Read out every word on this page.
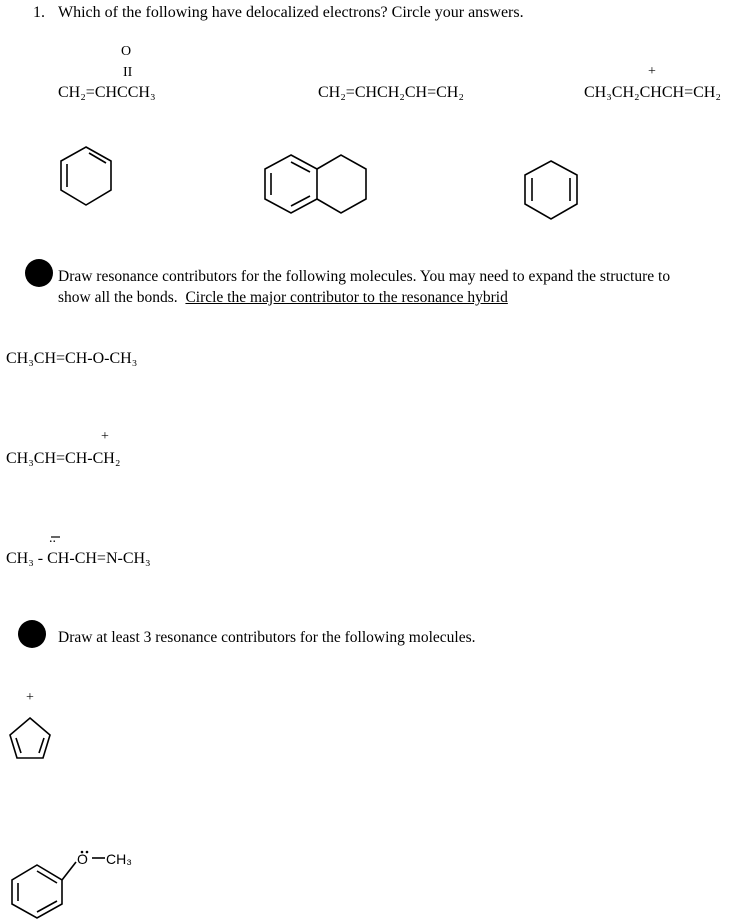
1. Which of the following have delocalized electrons? Circle your answers.
O
II
CH₂=CHCCH₃	CH₂=CHCH₂CH=CH₂
+
CH₃CH₂CHCH=CH₂
Draw resonance contributors for the following molecules. You may need to expand the structure to
show all the bonds. Circle the major contributor to the resonance hybrid
CH₃CH=CH-O-CH₃
+
CH₃CH=CH-CH₂
..
CH₃ - CH-CH=N-CH₃
Draw at least 3 resonance contributors for the following molecules.
+
O CH₃
